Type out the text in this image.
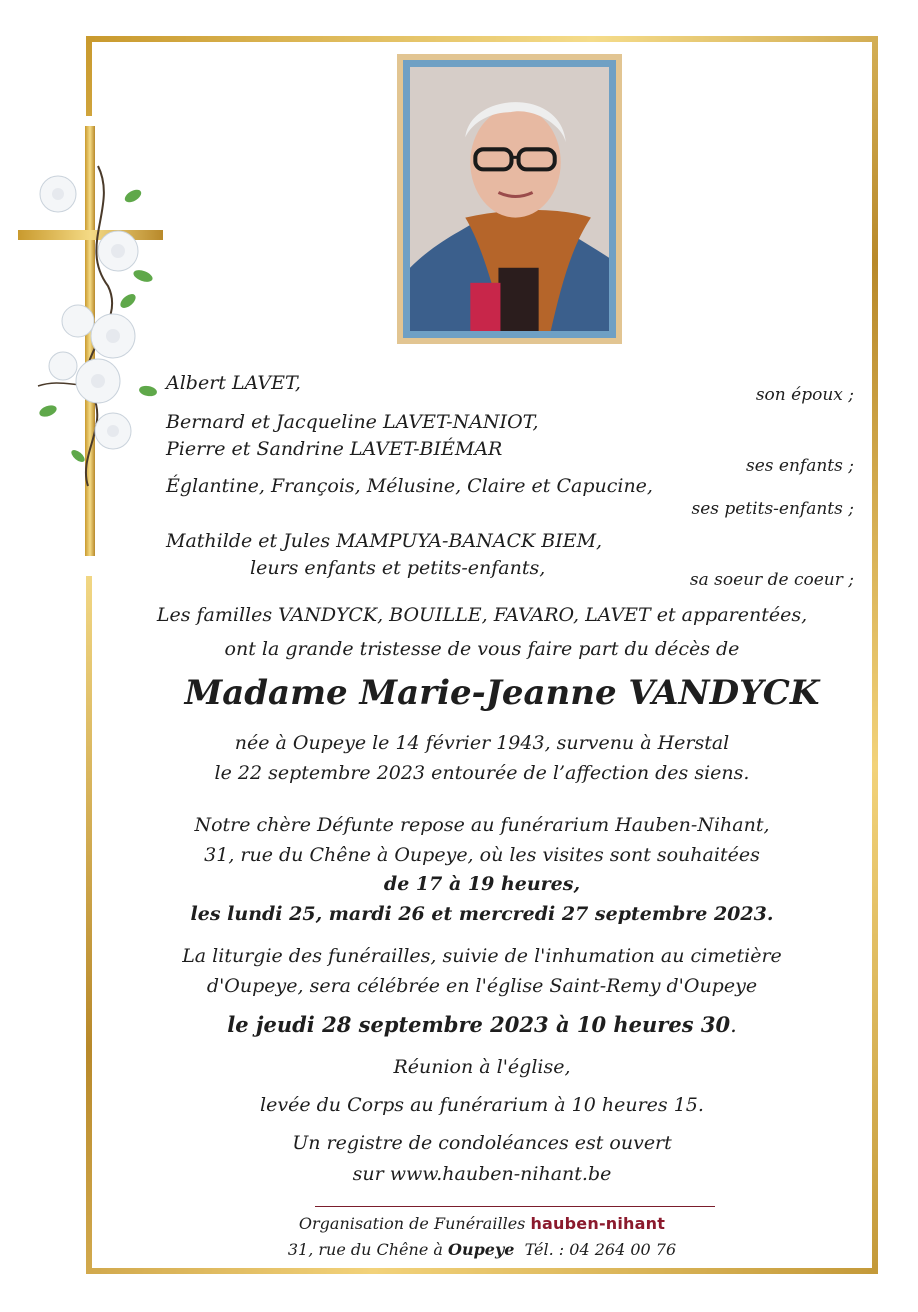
Albert LAVET,
son époux ;
Bernard et Jacqueline LAVET-NANIOT,
Pierre et Sandrine LAVET-BIÉMAR
ses enfants ;
Églantine, François, Mélusine, Claire et Capucine,
ses petits-enfants ;
Mathilde et Jules MAMPUYA-BANACK BIEM,
leurs enfants et petits-enfants,
sa soeur de coeur ;
Les familles VANDYCK, BOUILLE, FAVARO, LAVET et apparentées,
ont la grande tristesse de vous faire part du décès de
Madame Marie-Jeanne VANDYCK
née à Oupeye le 14 février 1943, survenu à Herstal
le 22 septembre 2023 entourée de l’affection des siens.
Notre chère Défunte repose au funérarium Hauben-Nihant,
31, rue du Chêne à Oupeye, où les visites sont souhaitées
de 17 à 19 heures,
les lundi 25, mardi 26 et mercredi 27 septembre 2023.
La liturgie des funérailles, suivie de l'inhumation au cimetière
d'Oupeye, sera célébrée en l'église Saint-Remy d'Oupeye
le jeudi 28 septembre 2023 à 10 heures 30.
Réunion à l'église,
levée du Corps au funérarium à 10 heures 15.
Un registre de condoléances est ouvert
sur www.hauben-nihant.be
Organisation de Funérailles hauben-nihant
31, rue du Chêne à Oupeye Tél. : 04 264 00 76
